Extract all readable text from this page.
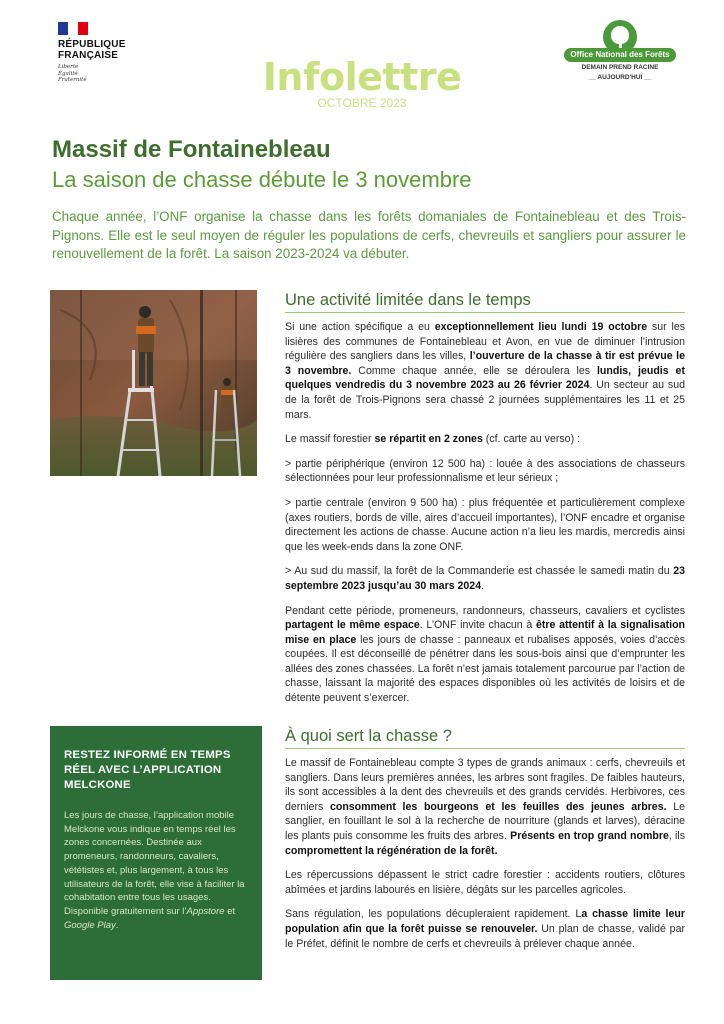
RÉPUBLIQUE
FRANÇAISE
Liberté
Égalité
Fraternité
Office National des Forêts
DEMAIN PREND RACINE
__ AUJOURD'HUI __
Infolettre
OCTOBRE 2023
Massif de Fontainebleau
La saison de chasse débute le 3 novembre
Chaque année, l’ONF organise la chasse dans les forêts domaniales de Fontainebleau et des Trois-Pignons. Elle est le seul moyen de réguler les populations de cerfs, chevreuils et sangliers pour assurer le renouvellement de la forêt. La saison 2023-2024 va débuter.
Une activité limitée dans le temps

Si une action spécifique a eu exceptionnellement lieu lundi 19 octobre sur les lisières des communes de Fontainebleau et Avon, en vue de diminuer l’intrusion régulière des sangliers dans les villes, l’ouverture de la chasse à tir est prévue le 3 novembre. Comme chaque année, elle se déroulera les lundis, jeudis et quelques vendredis du 3 novembre 2023 au 26 février 2024. Un secteur au sud de la forêt de Trois-Pignons sera chassé 2 journées supplémentaires les 11 et 25 mars.

Le massif forestier se répartit en 2 zones (cf. carte au verso) :

> partie périphérique (environ 12 500 ha) : louée à des associations de chasseurs sélectionnées pour leur professionnalisme et leur sérieux ;

> partie centrale (environ 9 500 ha) : plus fréquentée et particulièrement complexe (axes routiers, bords de ville, aires d’accueil importantes), l’ONF encadre et organise directement les actions de chasse. Aucune action n’a lieu les mardis, mercredis ainsi que les week-ends dans la zone ONF.

> Au sud du massif, la forêt de la Commanderie est chassée le samedi matin du 23 septembre 2023 jusqu’au 30 mars 2024.

Pendant cette période, promeneurs, randonneurs, chasseurs, cavaliers et cyclistes partagent le même espace. L’ONF invite chacun à être attentif à la signalisation mise en place les jours de chasse : panneaux et rubalises apposés, voies d’accès coupées. Il est déconseillé de pénétrer dans les sous-bois ainsi que d’emprunter les allées des zones chassées. La forêt n’est jamais totalement parcourue par l’action de chasse, laissant la majorité des espaces disponibles où les activités de loisirs et de détente peuvent s’exercer.

À quoi sert la chasse ?

Le massif de Fontainebleau compte 3 types de grands animaux : cerfs, chevreuils et sangliers. Dans leurs premières années, les arbres sont fragiles. De faibles hauteurs, ils sont accessibles à la dent des chevreuils et des grands cervidés. Herbivores, ces derniers consomment les bourgeons et les feuilles des jeunes arbres. Le sanglier, en fouillant le sol à la recherche de nourriture (glands et larves), déracine les plants puis consomme les fruits des arbres. Présents en trop grand nombre, ils compromettent la régénération de la forêt.

Les répercussions dépassent le strict cadre forestier : accidents routiers, clôtures abîmées et jardins labourés en lisière, dégâts sur les parcelles agricoles.

Sans régulation, les populations décupleraient rapidement. La chasse limite leur population afin que la forêt puisse se renouveler. Un plan de chasse, validé par le Préfet, définit le nombre de cerfs et chevreuils à prélever chaque année.

RESTEZ INFORMÉ EN TEMPS RÉEL AVEC L’APPLICATION MELCKONE
Les jours de chasse, l’application mobile Melckone vous indique en temps réel les zones concernées. Destinée aux promeneurs, randonneurs, cavaliers, vététistes et, plus largement, à tous les utilisateurs de la forêt, elle vise à faciliter la cohabitation entre tous les usages. Disponible gratuitement sur l’Appstore et Google Play.
